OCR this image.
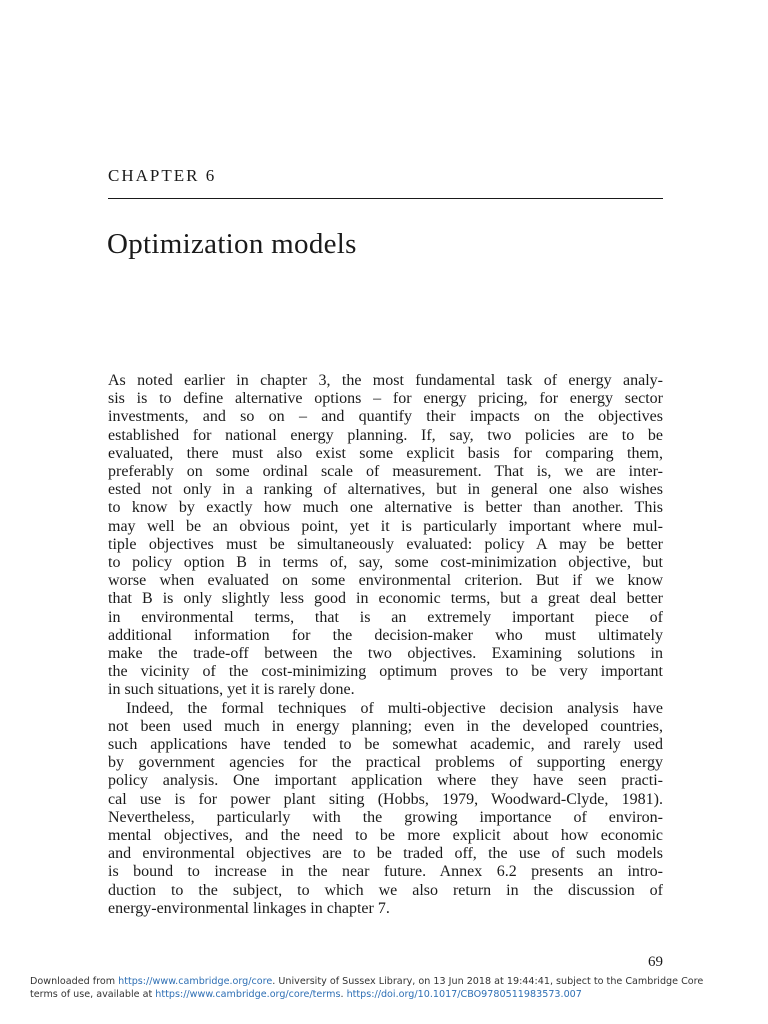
CHAPTER 6
Optimization models
As noted earlier in chapter 3, the most fundamental task of energy analy-
sis is to define alternative options – for energy pricing, for energy sector
investments, and so on – and quantify their impacts on the objectives
established for national energy planning. If, say, two policies are to be
evaluated, there must also exist some explicit basis for comparing them,
preferably on some ordinal scale of measurement. That is, we are inter-
ested not only in a ranking of alternatives, but in general one also wishes
to know by exactly how much one alternative is better than another. This
may well be an obvious point, yet it is particularly important where mul-
tiple objectives must be simultaneously evaluated: policy A may be better
to policy option B in terms of, say, some cost-minimization objective, but
worse when evaluated on some environmental criterion. But if we know
that B is only slightly less good in economic terms, but a great deal better
in environmental terms, that is an extremely important piece of
additional information for the decision-maker who must ultimately
make the trade-off between the two objectives. Examining solutions in
the vicinity of the cost-minimizing optimum proves to be very important
in such situations, yet it is rarely done.
Indeed, the formal techniques of multi-objective decision analysis have
not been used much in energy planning; even in the developed countries,
such applications have tended to be somewhat academic, and rarely used
by government agencies for the practical problems of supporting energy
policy analysis. One important application where they have seen practi-
cal use is for power plant siting (Hobbs, 1979, Woodward-Clyde, 1981).
Nevertheless, particularly with the growing importance of environ-
mental objectives, and the need to be more explicit about how economic
and environmental objectives are to be traded off, the use of such models
is bound to increase in the near future. Annex 6.2 presents an intro-
duction to the subject, to which we also return in the discussion of
energy-environmental linkages in chapter 7.
69
Downloaded from https://www.cambridge.org/core. University of Sussex Library, on 13 Jun 2018 at 19:44:41, subject to the Cambridge Core
terms of use, available at https://www.cambridge.org/core/terms. https://doi.org/10.1017/CBO9780511983573.007
